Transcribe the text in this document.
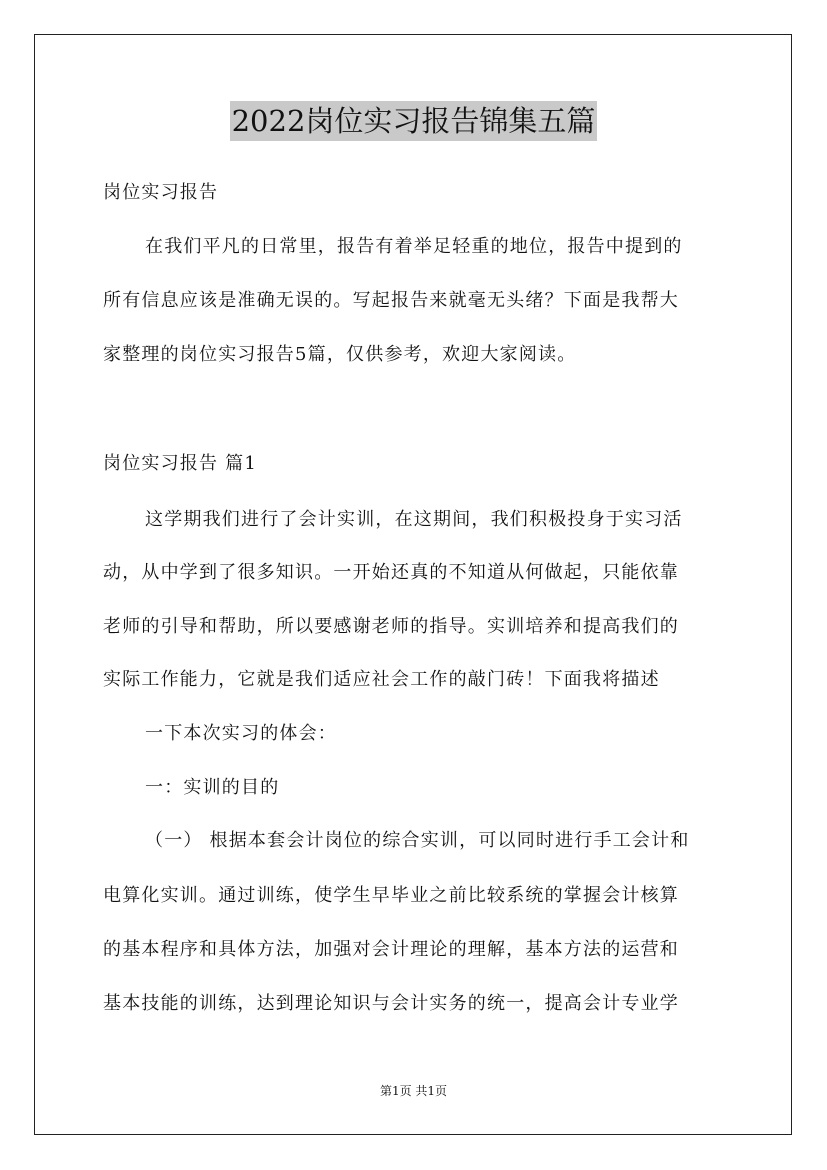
2022岗位实习报告锦集五篇
岗位实习报告
在我们平凡的日常里，报告有着举足轻重的地位，报告中提到的
所有信息应该是准确无误的。写起报告来就毫无头绪？下面是我帮大
家整理的岗位实习报告5篇，仅供参考，欢迎大家阅读。
岗位实习报告 篇1
这学期我们进行了会计实训，在这期间，我们积极投身于实习活
动，从中学到了很多知识。一开始还真的不知道从何做起，只能依靠
老师的引导和帮助，所以要感谢老师的指导。实训培养和提高我们的
实际工作能力，它就是我们适应社会工作的敲门砖！下面我将描述
一下本次实习的体会：
一：实训的目的
（一） 根据本套会计岗位的综合实训，可以同时进行手工会计和
电算化实训。通过训练，使学生早毕业之前比较系统的掌握会计核算
的基本程序和具体方法，加强对会计理论的理解，基本方法的运营和
基本技能的训练，达到理论知识与会计实务的统一，提高会计专业学
第1页 共1页
